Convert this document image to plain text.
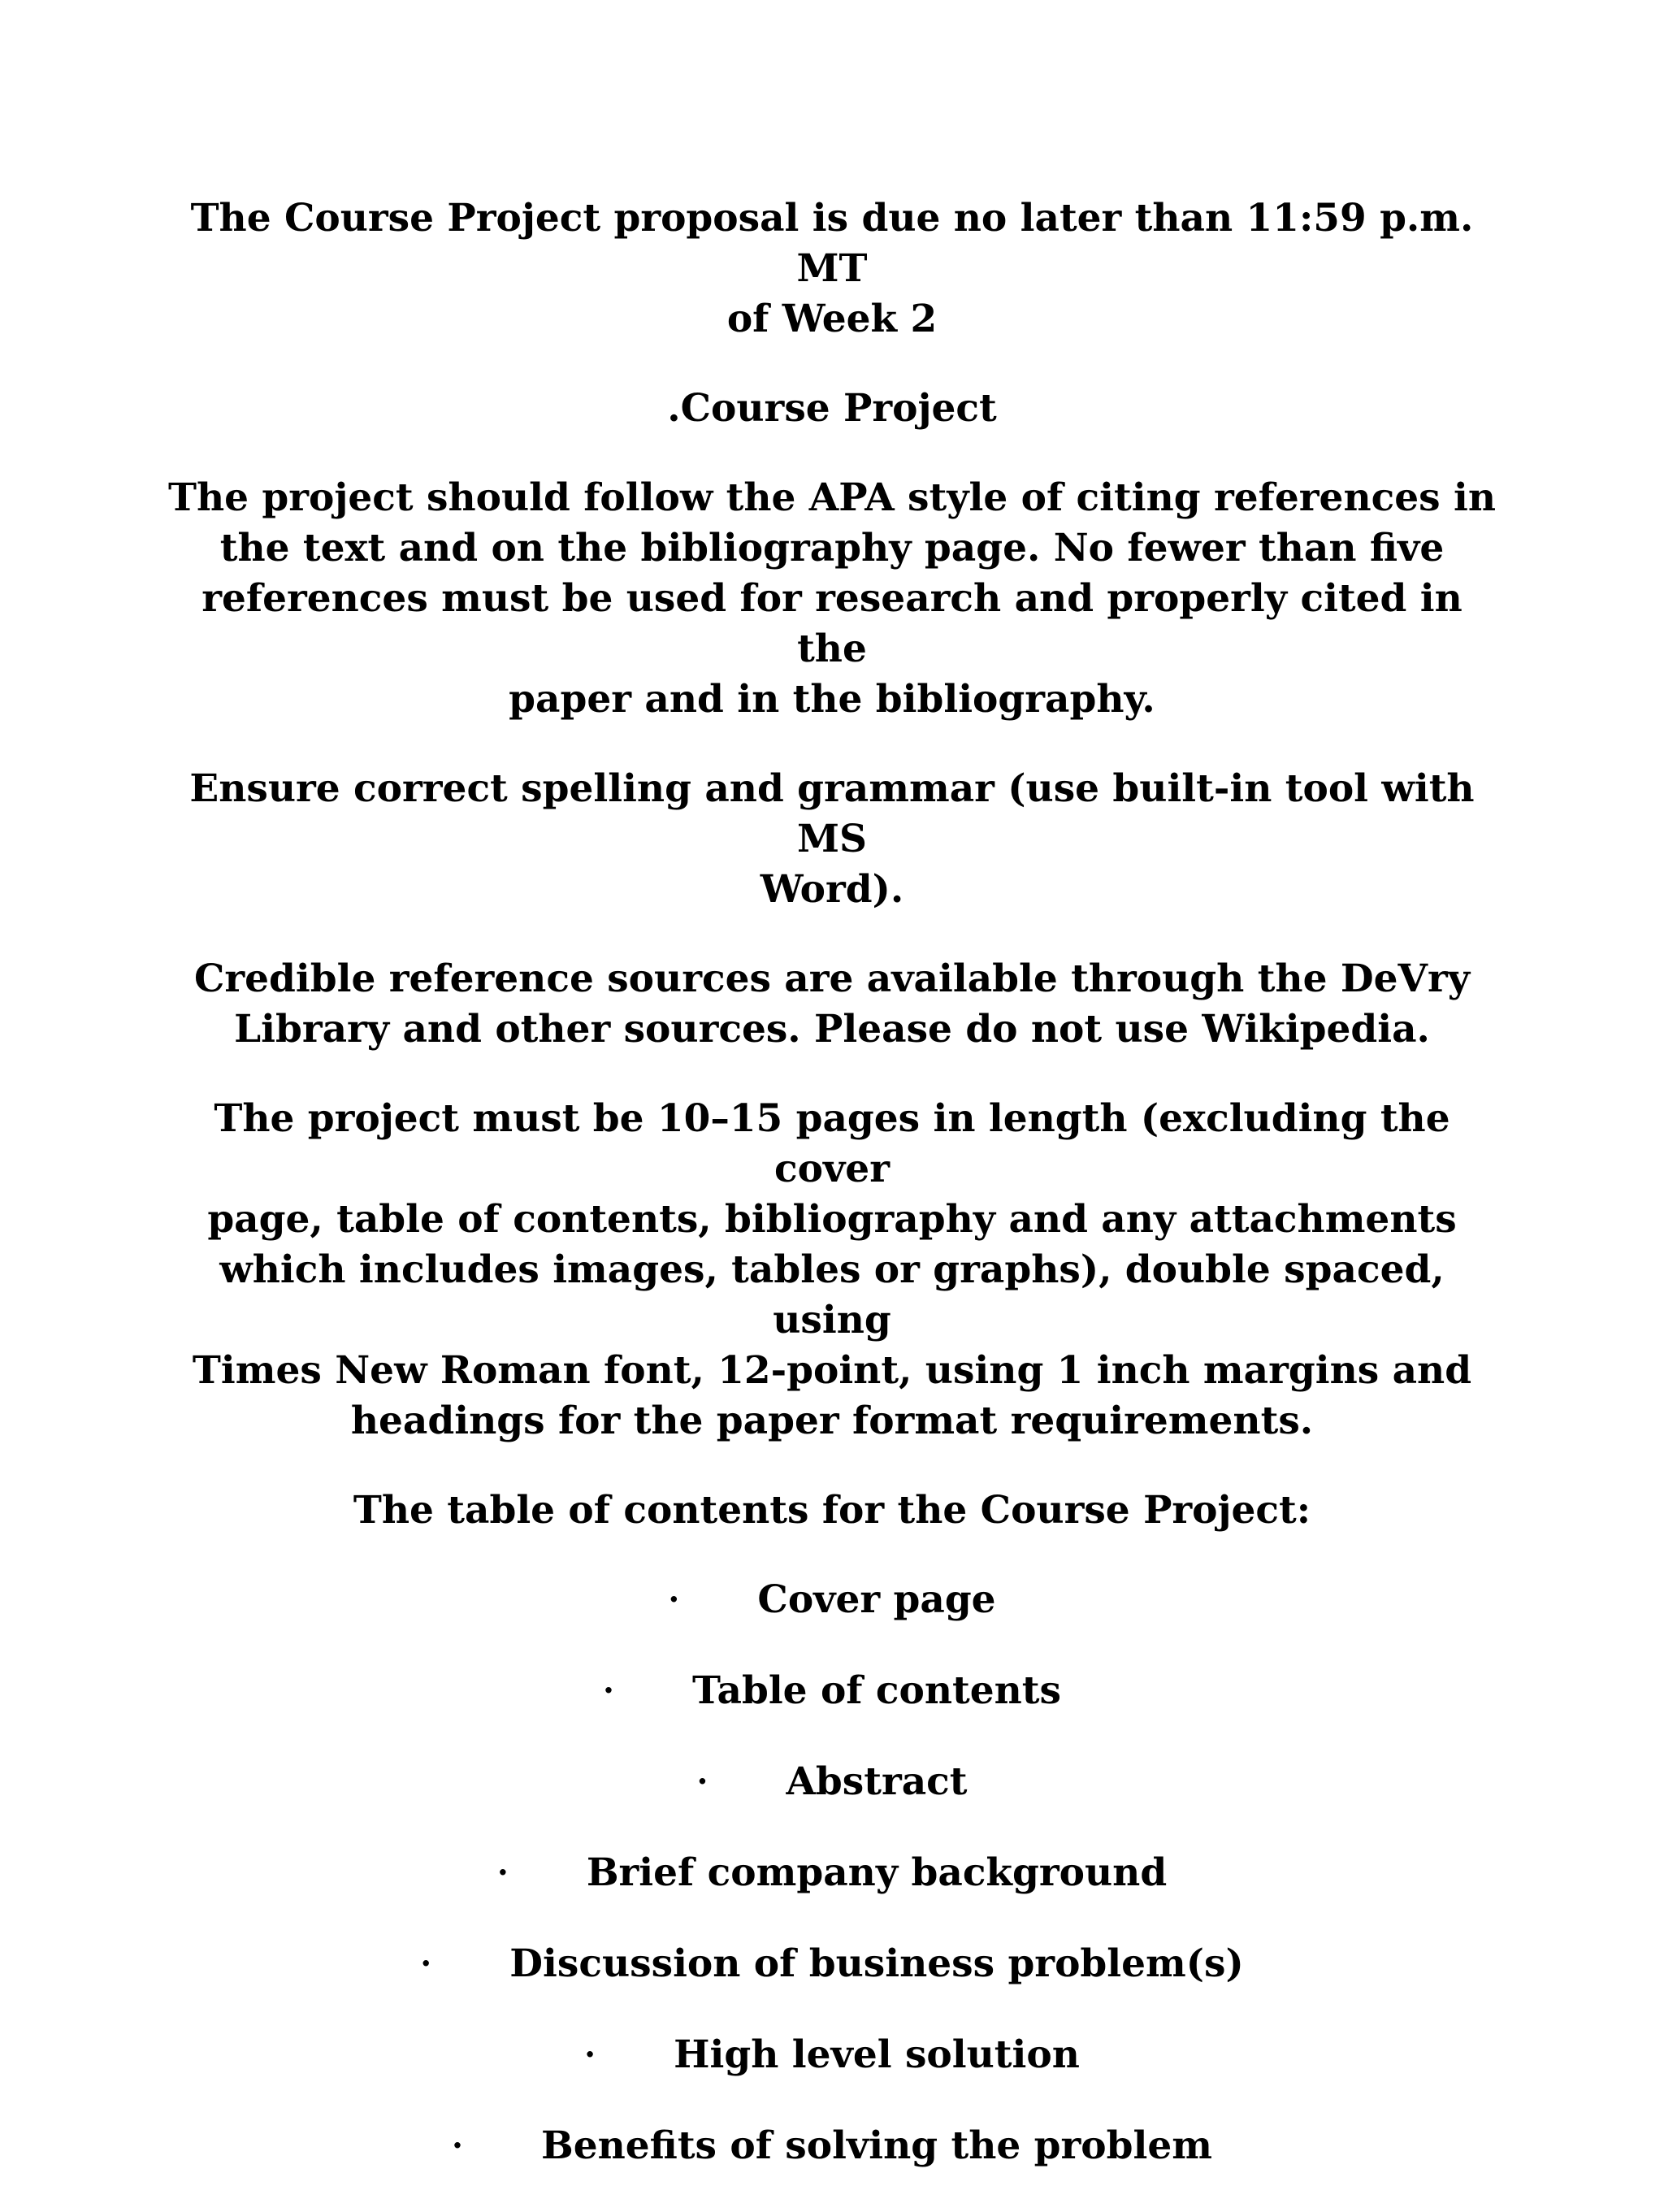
The Course Project proposal is due no later than 11:59 p.m. MT
of Week 2

.Course Project

The project should follow the APA style of citing references in
the text and on the bibliography page. No fewer than five
references must be used for research and properly cited in the
paper and in the bibliography.

Ensure correct spelling and grammar (use built-in tool with MS
Word).

Credible reference sources are available through the DeVry
Library and other sources. Please do not use Wikipedia.

The project must be 10–15 pages in length (excluding the cover
page, table of contents, bibliography and any attachments
which includes images, tables or graphs), double spaced, using
Times New Roman font, 12-point, using 1 inch margins and
headings for the paper format requirements.

The table of contents for the Course Project:

·	Cover page
·	Table of contents
·	Abstract
·	Brief company background
·	Discussion of business problem(s)
·	High level solution
·	Benefits of solving the problem
